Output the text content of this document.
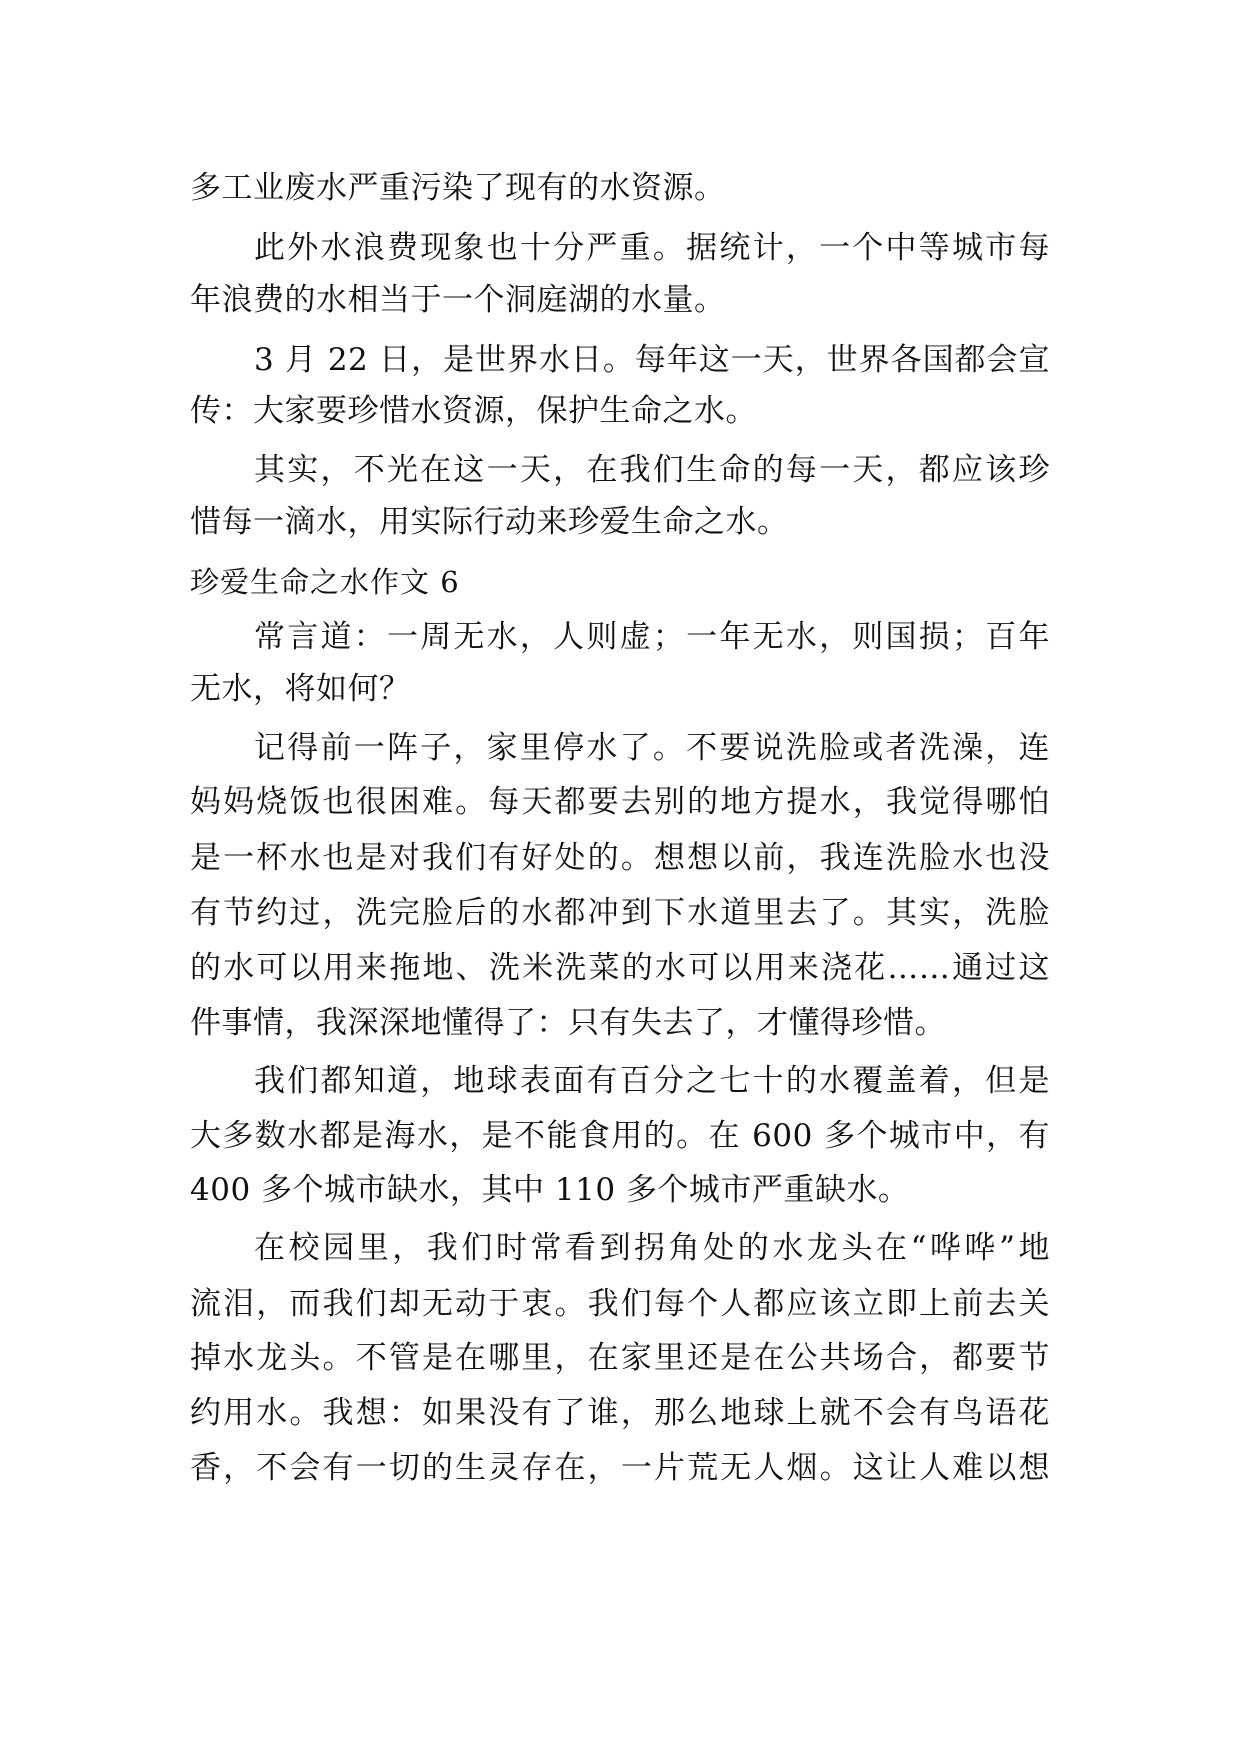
多工业废水严重污染了现有的水资源。
此外水浪费现象也十分严重。据统计，一个中等城市每
年浪费的水相当于一个洞庭湖的水量。
3 月 22 日，是世界水日。每年这一天，世界各国都会宣
传：大家要珍惜水资源，保护生命之水。
其实，不光在这一天，在我们生命的每一天，都应该珍
惜每一滴水，用实际行动来珍爱生命之水。
珍爱生命之水作文 6
常言道：一周无水，人则虚；一年无水，则国损；百年
无水，将如何？
记得前一阵子，家里停水了。不要说洗脸或者洗澡，连
妈妈烧饭也很困难。每天都要去别的地方提水，我觉得哪怕
是一杯水也是对我们有好处的。想想以前，我连洗脸水也没
有节约过，洗完脸后的水都冲到下水道里去了。其实，洗脸
的水可以用来拖地、洗米洗菜的水可以用来浇花……通过这
件事情，我深深地懂得了：只有失去了，才懂得珍惜。
我们都知道，地球表面有百分之七十的水覆盖着，但是
大多数水都是海水，是不能食用的。在 600 多个城市中，有
400 多个城市缺水，其中 110 多个城市严重缺水。
在校园里，我们时常看到拐角处的水龙头在“哗哗”地
流泪，而我们却无动于衷。我们每个人都应该立即上前去关
掉水龙头。不管是在哪里，在家里还是在公共场合，都要节
约用水。我想：如果没有了谁，那么地球上就不会有鸟语花
香，不会有一切的生灵存在，一片荒无人烟。这让人难以想
